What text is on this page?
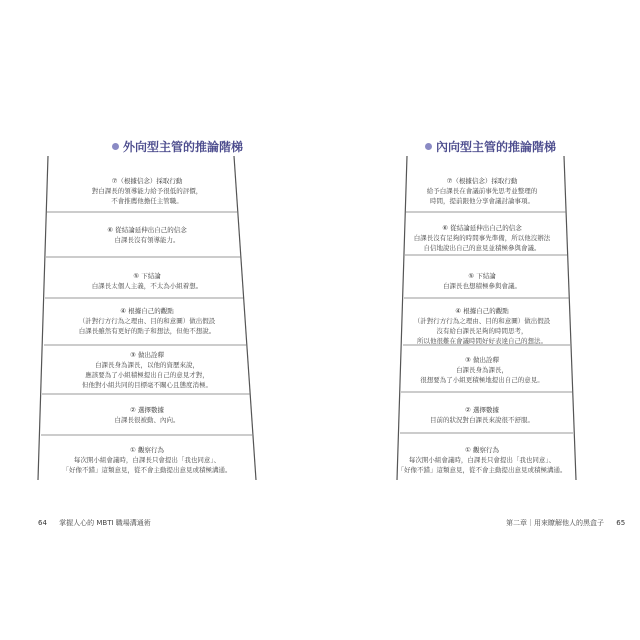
外向型主管的推論階梯
⑦（根據信念）採取行動
對白課長的領導能力給予很低的評價，
不會推薦他擔任主管職。
⑥ 從結論延伸出自己的信念
白課長沒有領導能力。
⑤ 下結論
白課長太個人主義，不太為小組着想。
④ 根據自己的觀點
（計對行方行為之理由、目的和意圖）做出假設
白課長雖然有更好的點子和想法，但他不想說。
③ 做出詮釋
白課長身為課長，以他的資歷來說，
應該要為了小組積極提出自己的意見才對，
但他對小組共同的目標毫不關心且態度消極。
② 選擇數據
白課長很被動、內向。
① 觀察行為
每次開小組會議時，白課長只會提出「我也同意」、
「好像不錯」這類意見，從不會主動提出意見或積極溝通。
64 掌握人心的 MBTI 職場溝通術
內向型主管的推論階梯
⑦（根據信念）採取行動
給予白課長在會議前事先思考並整理的
時間，提前跟他分享會議討論事項。
⑥ 從結論延伸出自己的信念
白課長沒有足夠的時間事先準備，所以他沒辦法
自信地說出自己的意見並積極參與會議。
⑤ 下結論
白課長也想積極參與會議。
④ 根據自己的觀點
（計對行方行為之理由、目的和意圖）做出假設
沒有給白課長足夠的時間思考，
所以他很難在會議時間好好表達自己的想法。
③ 做出詮釋
白課長身為課長，
很想要為了小組更積極地提出自己的意見。
② 選擇數據
目前的狀況對白課長來說很不舒服。
① 觀察行為
每次開小組會議時，白課長只會提出「我也同意」、
「好像不錯」這類意見，從不會主動提出意見或積極溝通。
第二章｜用來瞭解他人的黑盒子 65
